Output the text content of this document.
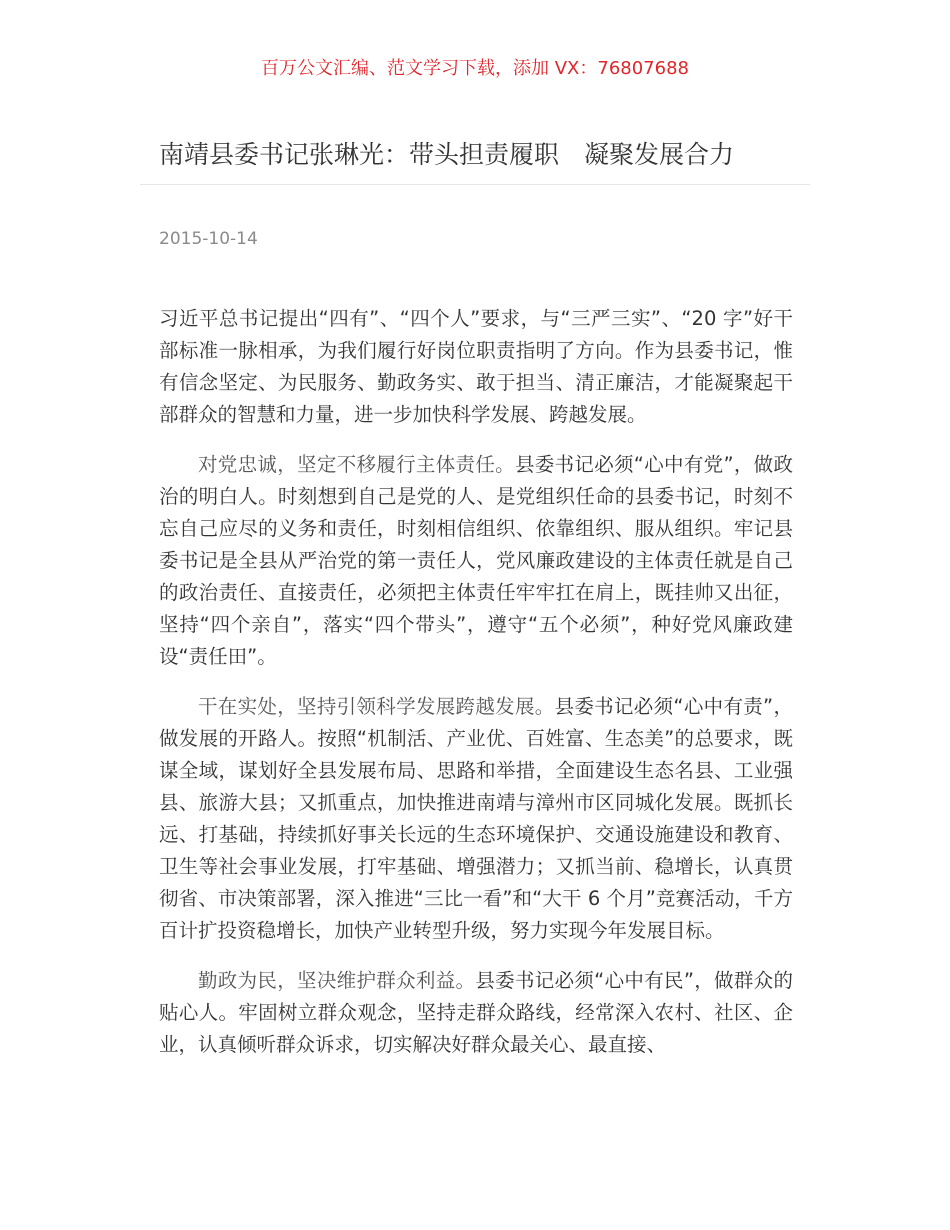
百万公文汇编、范文学习下载，添加 VX：76807688
南靖县委书记张琳光：带头担责履职　凝聚发展合力
2015-10-14

习近平总书记提出“四有”、“四个人”要求，与“三严三实”、“20 字”好干部标准一脉相承，为我们履行好岗位职责指明了方向。作为县委书记，惟有信念坚定、为民服务、勤政务实、敢于担当、清正廉洁，才能凝聚起干部群众的智慧和力量，进一步加快科学发展、跨越发展。

对党忠诚，坚定不移履行主体责任。县委书记必须“心中有党”，做政治的明白人。时刻想到自己是党的人、是党组织任命的县委书记，时刻不忘自己应尽的义务和责任，时刻相信组织、依靠组织、服从组织。牢记县委书记是全县从严治党的第一责任人，党风廉政建设的主体责任就是自己的政治责任、直接责任，必须把主体责任牢牢扛在肩上，既挂帅又出征，坚持“四个亲自”，落实“四个带头”，遵守“五个必须”，种好党风廉政建设“责任田”。

干在实处，坚持引领科学发展跨越发展。县委书记必须“心中有责”，做发展的开路人。按照“机制活、产业优、百姓富、生态美”的总要求，既谋全域，谋划好全县发展布局、思路和举措，全面建设生态名县、工业强县、旅游大县；又抓重点，加快推进南靖与漳州市区同城化发展。既抓长远、打基础，持续抓好事关长远的生态环境保护、交通设施建设和教育、卫生等社会事业发展，打牢基础、增强潜力；又抓当前、稳增长，认真贯彻省、市决策部署，深入推进“三比一看”和“大干 6 个月”竞赛活动，千方百计扩投资稳增长，加快产业转型升级，努力实现今年发展目标。

勤政为民，坚决维护群众利益。县委书记必须“心中有民”，做群众的贴心人。牢固树立群众观念，坚持走群众路线，经常深入农村、社区、企业，认真倾听群众诉求，切实解决好群众最关心、最直接、
